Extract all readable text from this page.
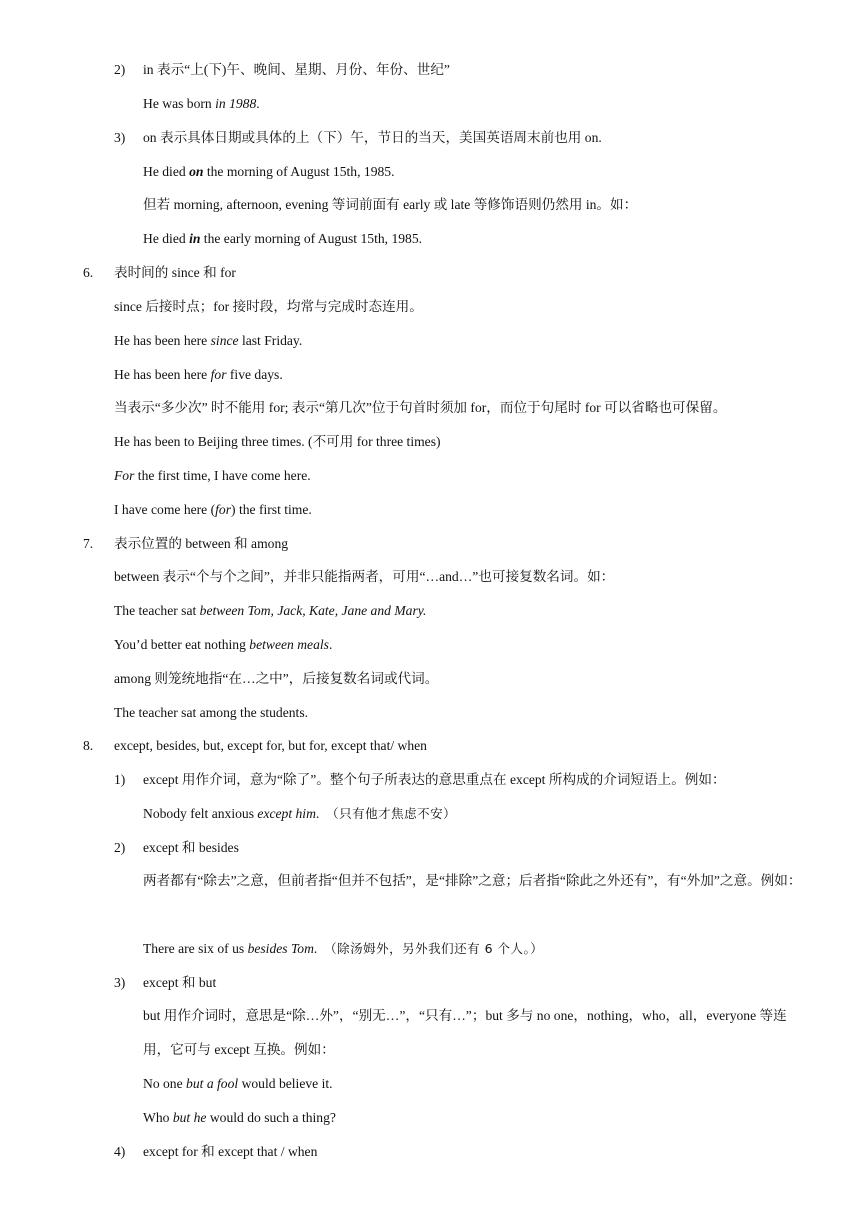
2) in 表示“上(下)午、晚间、星期、月份、年份、世纪”
He was born in 1988.
3) on 表示具体日期或具体的上（下）午，节日的当天，美国英语周末前也用 on.
He died on the morning of August 15th, 1985.
但若 morning, afternoon, evening 等词前面有 early 或 late 等修饰语则仍然用 in。如：
He died in the early morning of August 15th, 1985.
6. 表时间的 since 和 for
since 后接时点；for 接时段，均常与完成时态连用。
He has been here since last Friday.
He has been here for five days.
当表示“多少次” 时不能用 for; 表示“第几次”位于句首时须加 for，而位于句尾时 for 可以省略也可保留。
He has been to Beijing three times. (不可用 for three times)
For the first time, I have come here.
I have come here (for) the first time.
7. 表示位置的 between 和 among
between 表示“个与个之间”，并非只能指两者，可用“…and…”也可接复数名词。如：
The teacher sat between Tom, Jack, Kate, Jane and Mary.
You’d better eat nothing between meals.
among 则笼统地指“在…之中”，后接复数名词或代词。
The teacher sat among the students.
8. except, besides, but, except for, but for, except that/ when
1) except 用作介词，意为“除了”。整个句子所表达的意思重点在 except 所构成的介词短语上。例如：
Nobody felt anxious except him. （只有他才焦虑不安）
2) except 和 besides
两者都有“除去”之意，但前者指“但并不包括”，是“排除”之意；后者指“除此之外还有”，有“外加”之意。例如：
There are six of us besides Tom. （除汤姆外，另外我们还有 6 个人。）
3) except 和 but
but 用作介词时，意思是“除…外”，“别无…”，“只有…”；but 多与 no one，nothing，who，all，everyone 等连用，它可与 except 互换。例如：
No one but a fool would believe it.
Who but he would do such a thing?
4) except for 和 except that / when
